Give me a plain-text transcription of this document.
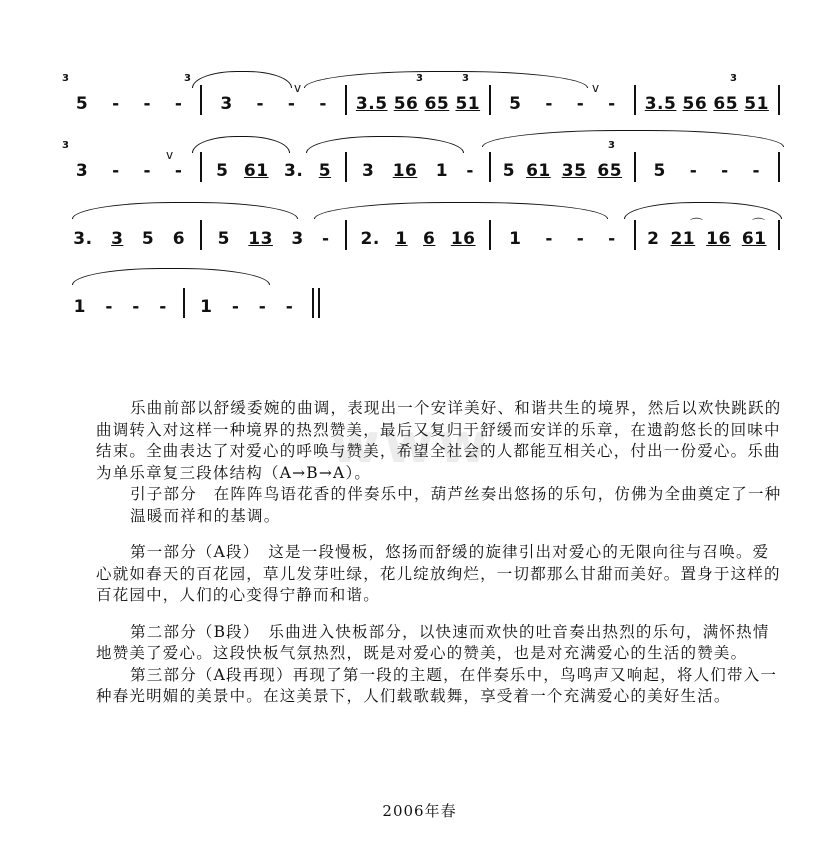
3	3	3	3	3
v	v
5 - - - 3 - - - 3.5 56 65 51 5 - - - 3.5 56 65 51
3	3
v
3 - - - 5 61 3. 5 3 16 1 - 5 61 35 65 5 - - -
⌒	⌒
3. 3 5 6 5 13 3 - 2. 1 6 16 1 - - - 2 21 16 61
1 - - - 1 - - -
www

乐曲前部以舒缓委婉的曲调，表现出一个安详美好、和谐共生的境界，然后以欢快跳跃的曲调转入对这样一种境界的热烈赞美，最后又复归于舒缓而安详的乐章，在遗韵悠长的回味中结束。全曲表达了对爱心的呼唤与赞美，希望全社会的人都能互相关心，付出一份爱心。乐曲为单乐章复三段体结构（A→B→A）。

引子部分　在阵阵鸟语花香的伴奏乐中，葫芦丝奏出悠扬的乐句，仿佛为全曲奠定了一种温暖而祥和的基调。

第一部分（A段）　这是一段慢板，悠扬而舒缓的旋律引出对爱心的无限向往与召唤。爱心就如春天的百花园，草儿发芽吐绿，花儿绽放绚烂，一切都那么甘甜而美好。置身于这样的百花园中，人们的心变得宁静而和谐。

第二部分（B段）　乐曲进入快板部分，以快速而欢快的吐音奏出热烈的乐句，满怀热情地赞美了爱心。这段快板气氛热烈，既是对爱心的赞美，也是对充满爱心的生活的赞美。

第三部分（A段再现）再现了第一段的主题，在伴奏乐中，鸟鸣声又响起，将人们带入一种春光明媚的美景中。在这美景下，人们载歌载舞，享受着一个充满爱心的美好生活。

2006年春
